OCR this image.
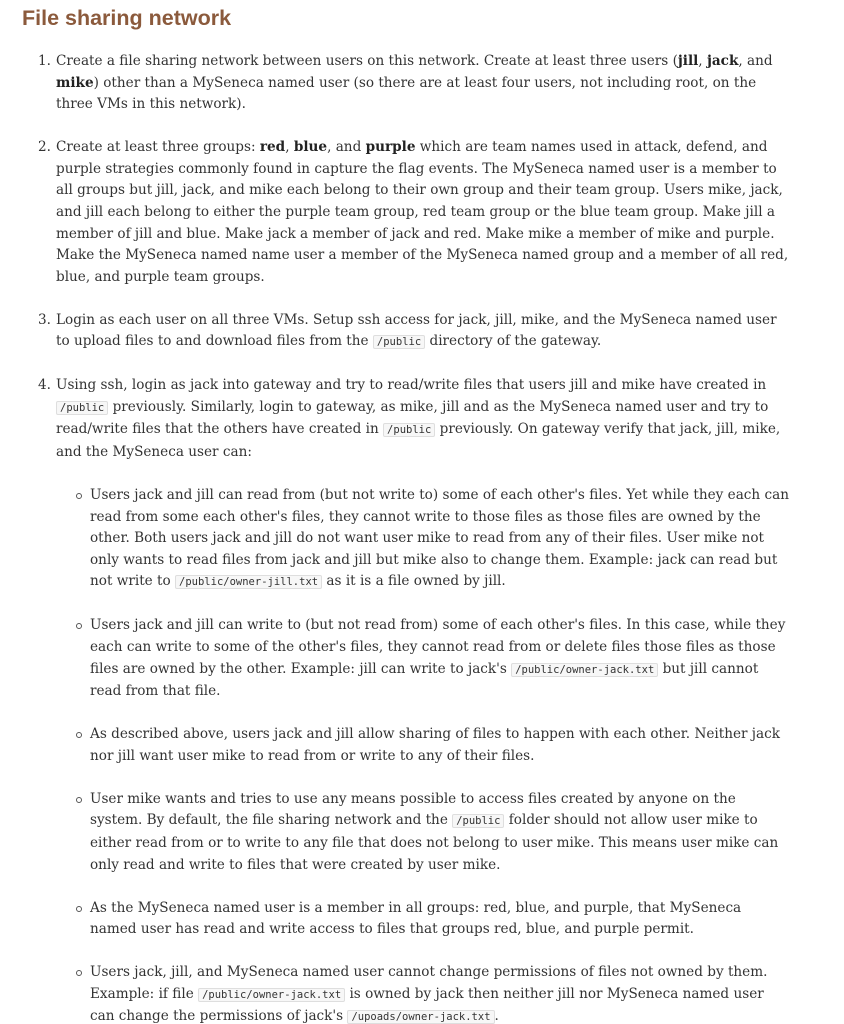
File sharing network
1. Create a file sharing network between users on this network. Create at least three users (jill, jack, and mike) other than a MySeneca named user (so there are at least four users, not including root, on the three VMs in this network).
2. Create at least three groups: red, blue, and purple which are team names used in attack, defend, and purple strategies commonly found in capture the flag events. The MySeneca named user is a member to all groups but jill, jack, and mike each belong to their own group and their team group. Users mike, jack, and jill each belong to either the purple team group, red team group or the blue team group. Make jill a member of jill and blue. Make jack a member of jack and red. Make mike a member of mike and purple. Make the MySeneca named name user a member of the MySeneca named group and a member of all red, blue, and purple team groups.
3. Login as each user on all three VMs. Setup ssh access for jack, jill, mike, and the MySeneca named user to upload files to and download files from the /public directory of the gateway.
4. Using ssh, login as jack into gateway and try to read/write files that users jill and mike have created in /public previously. Similarly, login to gateway, as mike, jill and as the MySeneca named user and try to read/write files that the others have created in /public previously. On gateway verify that jack, jill, mike, and the MySeneca user can:
Users jack and jill can read from (but not write to) some of each other's files. Yet while they each can read from some each other's files, they cannot write to those files as those files are owned by the other. Both users jack and jill do not want user mike to read from any of their files. User mike not only wants to read files from jack and jill but mike also to change them. Example: jack can read but not write to /public/owner-jill.txt as it is a file owned by jill.
Users jack and jill can write to (but not read from) some of each other's files. In this case, while they each can write to some of the other's files, they cannot read from or delete files those files as those files are owned by the other. Example: jill can write to jack's /public/owner-jack.txt but jill cannot read from that file.
As described above, users jack and jill allow sharing of files to happen with each other. Neither jack nor jill want user mike to read from or write to any of their files.
User mike wants and tries to use any means possible to access files created by anyone on the system. By default, the file sharing network and the /public folder should not allow user mike to either read from or to write to any file that does not belong to user mike. This means user mike can only read and write to files that were created by user mike.
As the MySeneca named user is a member in all groups: red, blue, and purple, that MySeneca named user has read and write access to files that groups red, blue, and purple permit.
Users jack, jill, and MySeneca named user cannot change permissions of files not owned by them. Example: if file /public/owner-jack.txt is owned by jack then neither jill nor MySeneca named user can change the permissions of jack's /upoads/owner-jack.txt .
